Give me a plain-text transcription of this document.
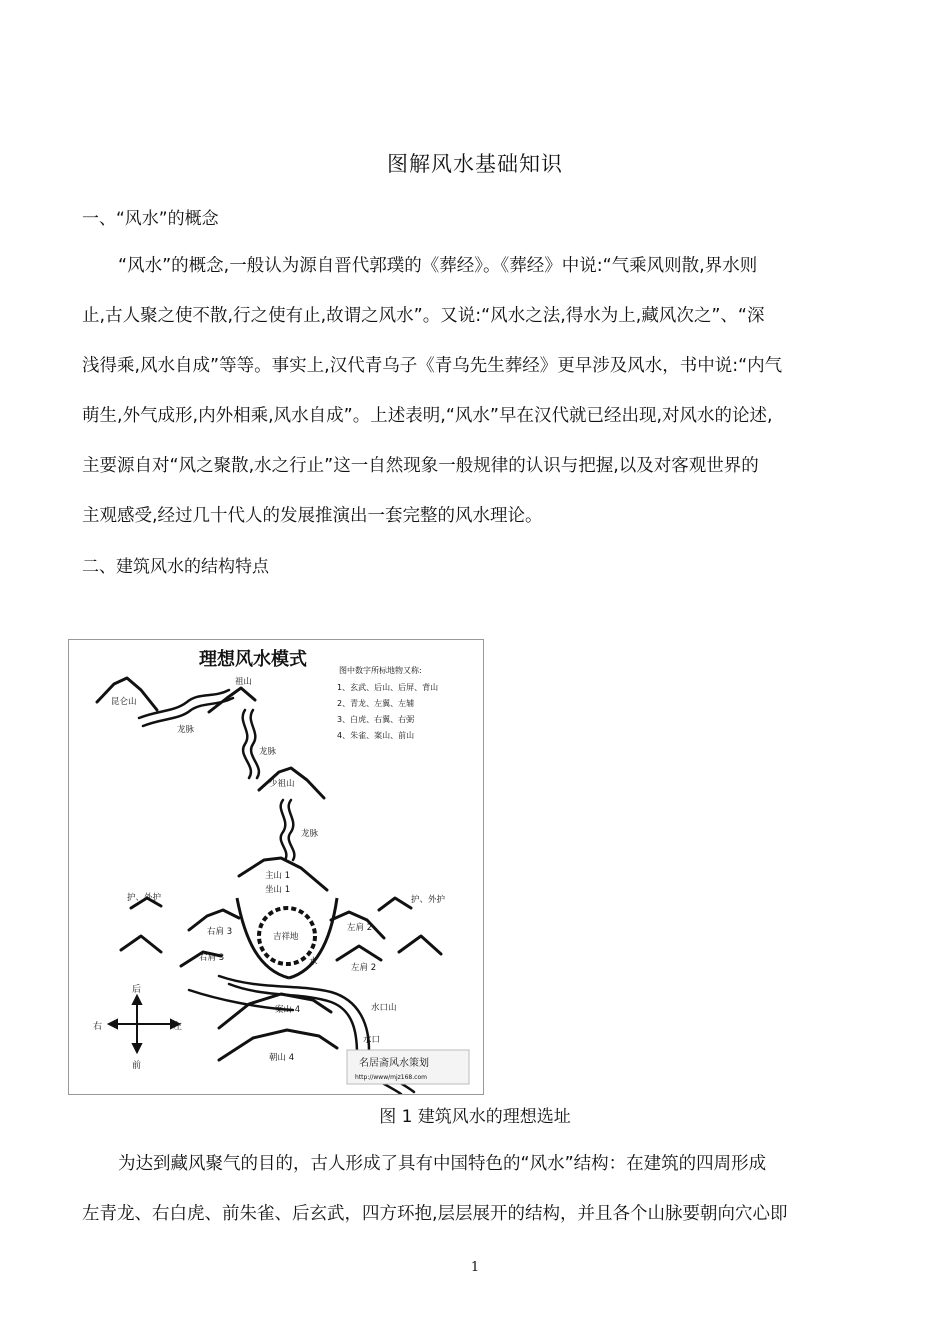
图解风水基础知识
一、“风水”的概念
“风水”的概念,一般认为源自晋代郭璞的《葬经》。《葬经》中说:“气乘风则散,界水则
止,古人聚之使不散,行之使有止,故谓之风水”。又说:“风水之法,得水为上,藏风次之”、“深
浅得乘,风水自成”等等。事实上,汉代青乌子《青乌先生葬经》更早涉及风水，书中说:“内气
萌生,外气成形,内外相乘,风水自成”。上述表明,“风水”早在汉代就已经出现,对风水的论述,
主要源自对“风之聚散,水之行止”这一自然现象一般规律的认识与把握,以及对客观世界的
主观感受,经过几十代人的发展推演出一套完整的风水理论。
二、建筑风水的结构特点
理想风水模式
图中数字所标地物又称:
1、玄武、后山、后屏、背山
2、青龙、左翼、左辅
3、白虎、右翼、右弼
4、朱雀、案山、前山
后
前
左
右
昆仑山
龙脉
祖山
龙脉
少祖山
龙脉
主山 1
坐山 1
护、外护	护、外护
右肩 3
右肩 3
左肩 2
左肩 2
吉祥地
水
水口山
案山 4
水口
朝山 4	名居斋风水策划
http://www/mjz168.com
图 1 建筑风水的理想选址
为达到藏风聚气的目的，古人形成了具有中国特色的“风水”结构：在建筑的四周形成
左青龙、右白虎、前朱雀、后玄武，四方环抱,层层展开的结构，并且各个山脉要朝向穴心即
1
